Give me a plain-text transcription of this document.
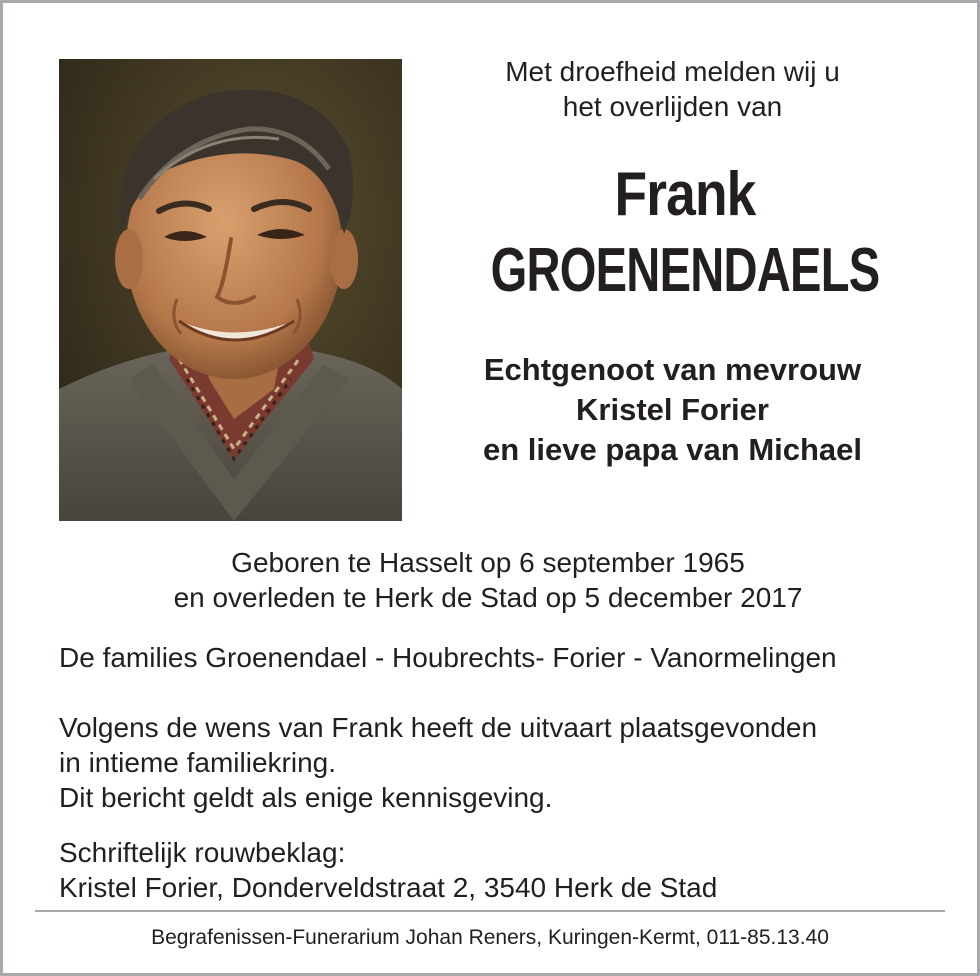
Met droefheid melden wij u
het overlijden van
Frank
GROENENDAELS
Echtgenoot van mevrouw
Kristel Forier
en lieve papa van Michael
Geboren te Hasselt op 6 september 1965
en overleden te Herk de Stad op 5 december 2017
De families Groenendael - Houbrechts- Forier - Vanormelingen
Volgens de wens van Frank heeft de uitvaart plaatsgevonden
in intieme familiekring.
Dit bericht geldt als enige kennisgeving.
Schriftelijk rouwbeklag:
Kristel Forier, Donderveldstraat 2, 3540 Herk de Stad
Begrafenissen-Funerarium Johan Reners, Kuringen-Kermt, 011-85.13.40
